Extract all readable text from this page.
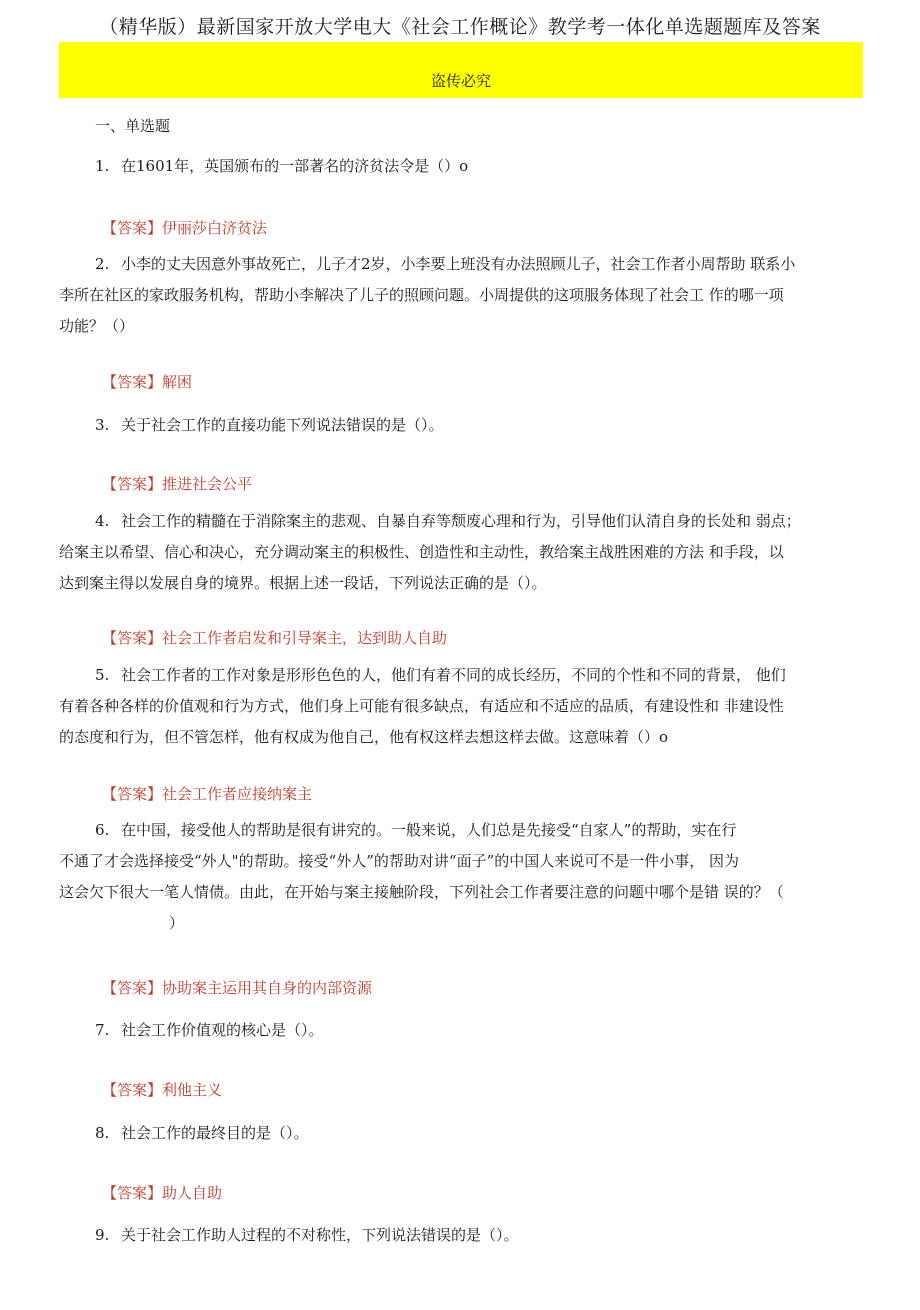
（精华版）最新国家开放大学电大《社会工作概论》教学考一体化单选题题库及答案
盗传必究
一、单选题
1. 在1601年，英国颁布的一部著名的济贫法令是（）o
【答案】伊丽莎白济贫法
2. 小李的丈夫因意外事故死亡，儿子才2岁，小李要上班没有办法照顾儿子，社会工作者小周帮助 联系小
李所在社区的家政服务机构，帮助小李解决了儿子的照顾问题。小周提供的这项服务体现了社会工 作的哪一项
功能？（）
【答案】解困
3. 关于社会工作的直接功能下列说法错误的是（）。
【答案】推进社会公平
4. 社会工作的精髓在于消除案主的悲观、自暴自弃等颓废心理和行为，引导他们认清自身的长处和 弱点；
给案主以希望、信心和决心，充分调动案主的积极性、创造性和主动性，教给案主战胜困难的方法 和手段，以
达到案主得以发展自身的境界。根据上述一段话，下列说法正确的是（）。
【答案】社会工作者启发和引导案主，达到助人自助
5. 社会工作者的工作对象是形形色色的人，他们有着不同的成长经历，不同的个性和不同的背景， 他们
有着各种各样的价值观和行为方式，他们身上可能有很多缺点，有适应和不适应的品质，有建设性和 非建设性
的态度和行为，但不管怎样，他有权成为他自己，他有权这样去想这样去做。这意味着（）o
【答案】社会工作者应接纳案主
6. 在中国，接受他人的帮助是很有讲究的。一般来说，人们总是先接受“自家人”的帮助，实在行
不通了才会选择接受“外人"的帮助。接受“外人”的帮助对讲“面子”的中国人来说可不是一件小事， 因为
这会欠下很大一笔人情债。由此，在开始与案主接触阶段，下列社会工作者要注意的问题中哪个是错 误的？（
）
【答案】协助案主运用其自身的内部资源
7. 社会工作价值观的核心是（）。
【答案】利他主义
8. 社会工作的最终目的是（）。
【答案】助人自助
9. 关于社会工作助人过程的不对称性，下列说法错误的是（）。
